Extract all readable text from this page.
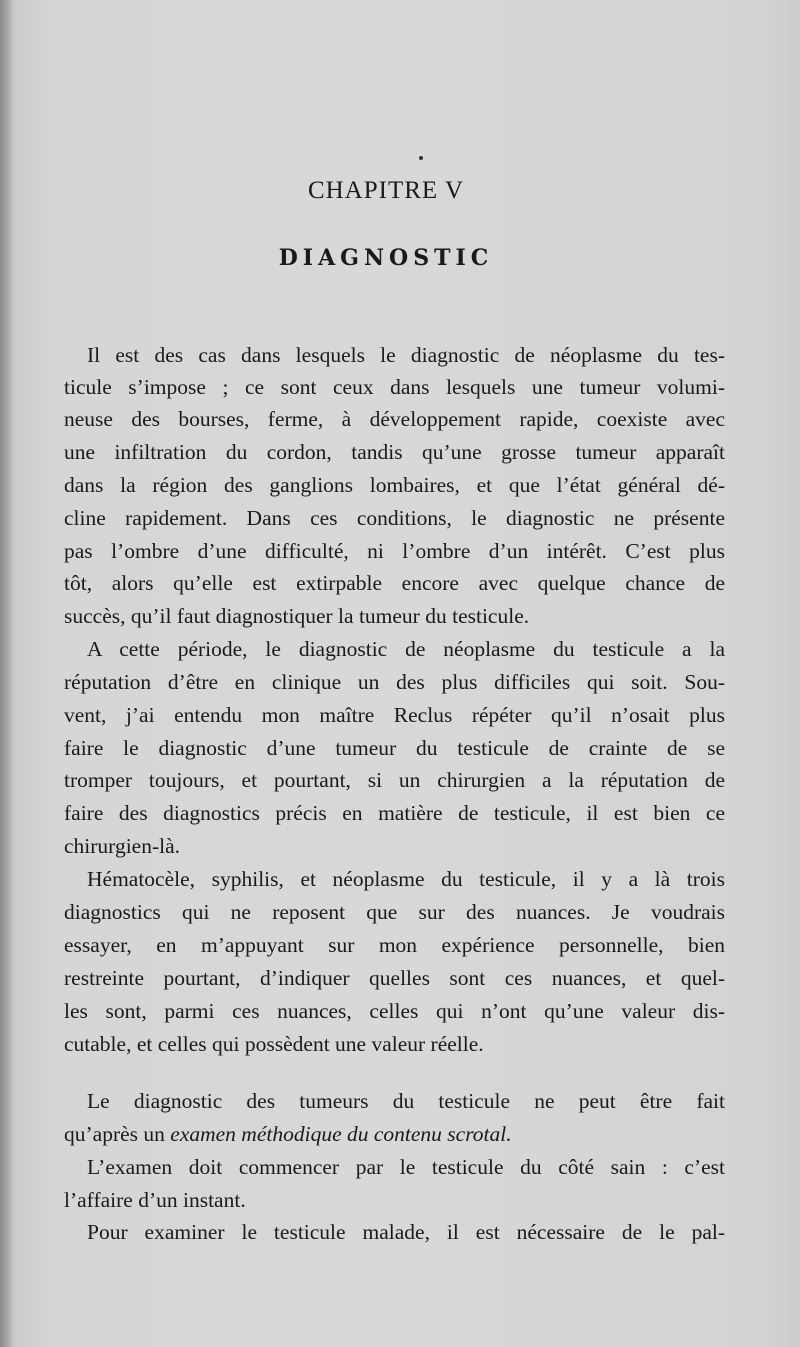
CHAPITRE V
DIAGNOSTIC
Il est des cas dans lesquels le diagnostic de néoplasme du tes-
ticule s’impose ; ce sont ceux dans lesquels une tumeur volumi-
neuse des bourses, ferme, à développement rapide, coexiste avec
une infiltration du cordon, tandis qu’une grosse tumeur apparaît
dans la région des ganglions lombaires, et que l’état général dé-
cline rapidement. Dans ces conditions, le diagnostic ne présente
pas l’ombre d’une difficulté, ni l’ombre d’un intérêt. C’est plus
tôt, alors qu’elle est extirpable encore avec quelque chance de
succès, qu’il faut diagnostiquer la tumeur du testicule.
A cette période, le diagnostic de néoplasme du testicule a la
réputation d’être en clinique un des plus difficiles qui soit. Sou-
vent, j’ai entendu mon maître Reclus répéter qu’il n’osait plus
faire le diagnostic d’une tumeur du testicule de crainte de se
tromper toujours, et pourtant, si un chirurgien a la réputation de
faire des diagnostics précis en matière de testicule, il est bien ce
chirurgien-là.
Hématocèle, syphilis, et néoplasme du testicule, il y a là trois
diagnostics qui ne reposent que sur des nuances. Je voudrais
essayer, en m’appuyant sur mon expérience personnelle, bien
restreinte pourtant, d’indiquer quelles sont ces nuances, et quel-
les sont, parmi ces nuances, celles qui n’ont qu’une valeur dis-
cutable, et celles qui possèdent une valeur réelle.
Le diagnostic des tumeurs du testicule ne peut être fait
qu’après un examen méthodique du contenu scrotal.
L’examen doit commencer par le testicule du côté sain : c’est
l’affaire d’un instant.
Pour examiner le testicule malade, il est nécessaire de le pal-
